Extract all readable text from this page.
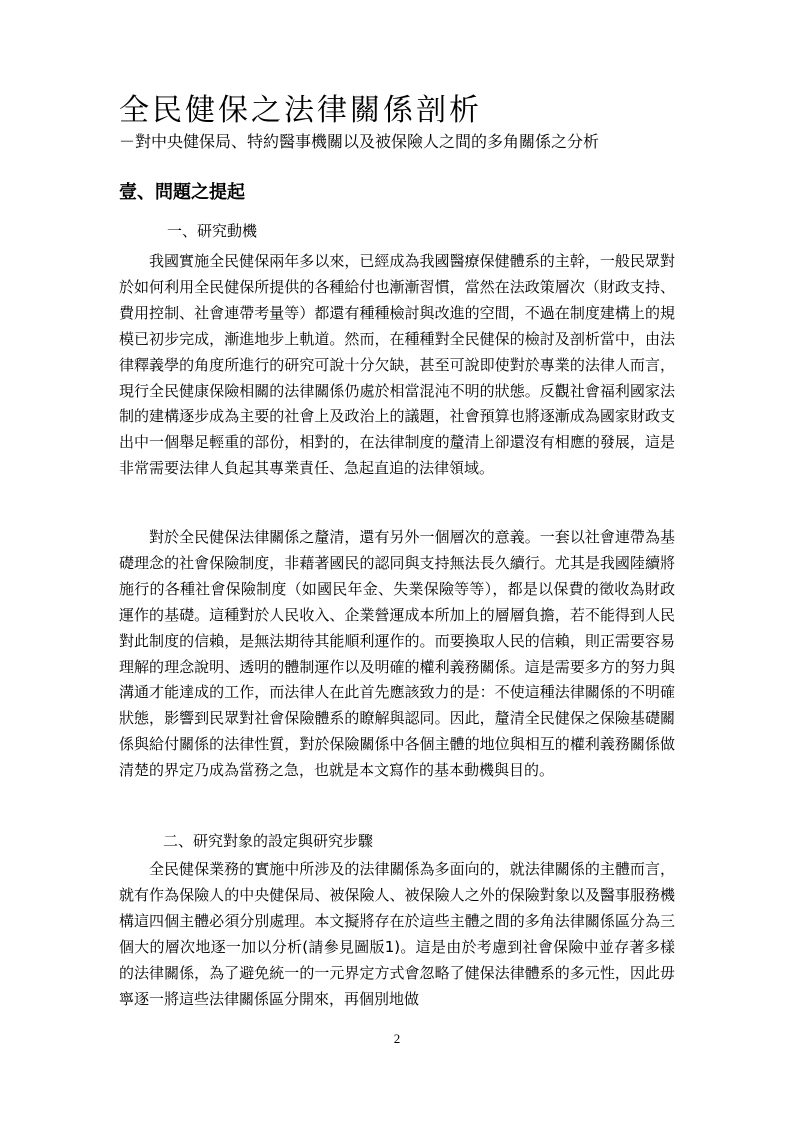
全民健保之法律關係剖析
－對中央健保局、特約醫事機關以及被保險人之間的多角關係之分析
壹、問題之提起
一、研究動機

我國實施全民健保兩年多以來，已經成為我國醫療保健體系的主幹，一般民眾對於如何利用全民健保所提供的各種給付也漸漸習慣，當然在法政策層次（財政支持、費用控制、社會連帶考量等）都還有種種檢討與改進的空間，不過在制度建構上的規模已初步完成，漸進地步上軌道。然而，在種種對全民健保的檢討及剖析當中，由法律釋義學的角度所進行的研究可說十分欠缺，甚至可說即使對於專業的法律人而言，現行全民健康保險相關的法律關係仍處於相當混沌不明的狀態。反觀社會福利國家法制的建構逐步成為主要的社會上及政治上的議題，社會預算也將逐漸成為國家財政支出中一個舉足輕重的部份，相對的，在法律制度的釐清上卻還沒有相應的發展，這是非常需要法律人負起其專業責任、急起直追的法律領域。

對於全民健保法律關係之釐清，還有另外一個層次的意義。一套以社會連帶為基礎理念的社會保險制度，非藉著國民的認同與支持無法長久續行。尤其是我國陸續將施行的各種社會保險制度（如國民年金、失業保險等等），都是以保費的徵收為財政運作的基礎。這種對於人民收入、企業營運成本所加上的層層負擔，若不能得到人民對此制度的信賴，是無法期待其能順利運作的。而要換取人民的信賴，則正需要容易理解的理念說明、透明的體制運作以及明確的權利義務關係。這是需要多方的努力與溝通才能達成的工作，而法律人在此首先應該致力的是：不使這種法律關係的不明確狀態，影響到民眾對社會保險體系的瞭解與認同。因此，釐清全民健保之保險基礎關係與給付關係的法律性質，對於保險關係中各個主體的地位與相互的權利義務關係做清楚的界定乃成為當務之急，也就是本文寫作的基本動機與目的。

二、研究對象的設定與研究步驟

全民健保業務的實施中所涉及的法律關係為多面向的，就法律關係的主體而言，就有作為保險人的中央健保局、被保險人、被保險人之外的保險對象以及醫事服務機構這四個主體必須分別處理。本文擬將存在於這些主體之間的多角法律關係區分為三個大的層次地逐一加以分析(請參見圖版1)。這是由於考慮到社會保險中並存著多樣的法律關係，為了避免統一的一元界定方式會忽略了健保法律體系的多元性，因此毋寧逐一將這些法律關係區分開來，再個別地做

2
